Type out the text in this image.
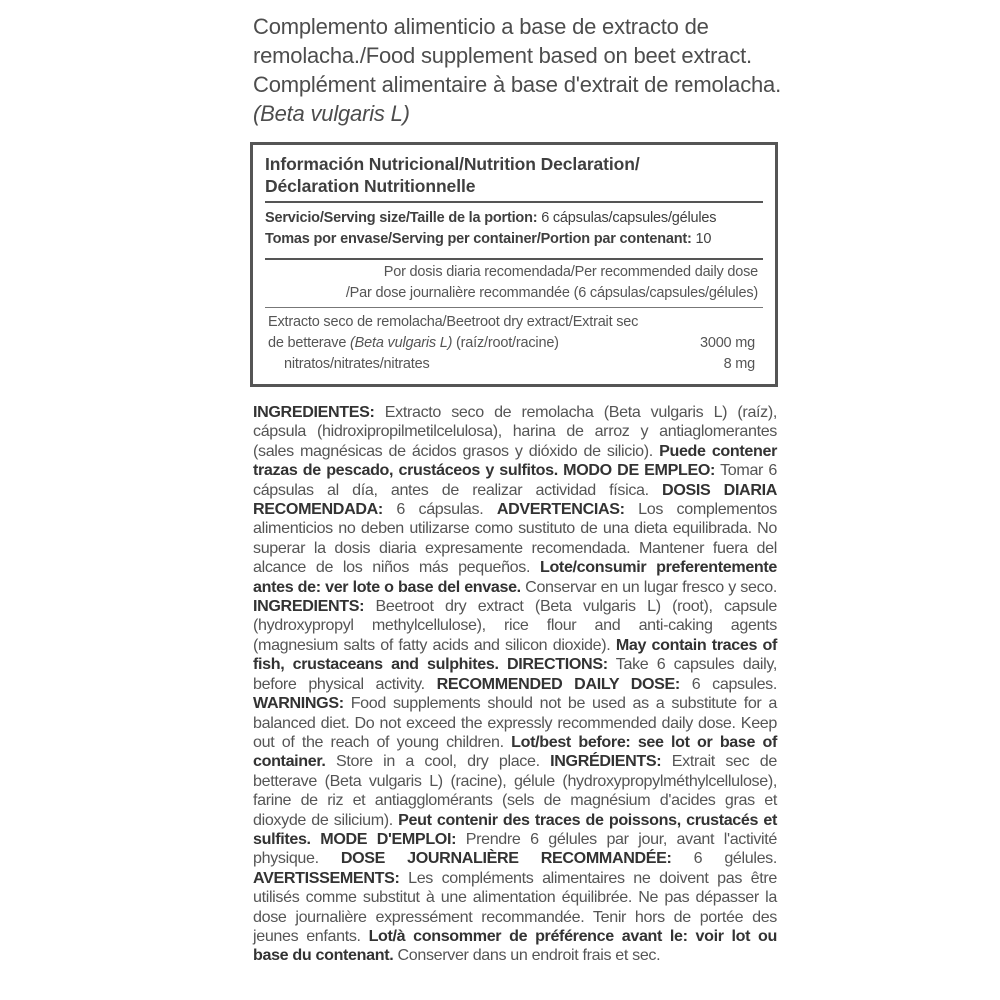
Complemento alimenticio a base de extracto de
remolacha./Food supplement based on beet extract.
Complément alimentaire à base d'extrait de remolacha.
(Beta vulgaris L)
Información Nutricional/Nutrition Declaration/
Déclaration Nutritionnelle
Servicio/Serving size/Taille de la portion: 6 cápsulas/capsules/gélules
Tomas por envase/Serving per container/Portion par contenant: 10
Por dosis diaria recomendada/Per recommended daily dose
/Par dose journalière recommandée (6 cápsulas/capsules/gélules)
Extracto seco de remolacha/Beetroot dry extract/Extrait sec
de betterave (Beta vulgaris L) (raíz/root/racine)	3000 mg
nitratos/nitrates/nitrates	8 mg
INGREDIENTES: Extracto seco de remolacha (Beta vulgaris L) (raíz), cápsula (hidroxipropilmetilcelulosa), harina de arroz y antiaglomerantes (sales magnésicas de ácidos grasos y dióxido de silicio). Puede contener trazas de pescado, crustáceos y sulfitos. MODO DE EMPLEO: Tomar 6 cápsulas al día, antes de realizar actividad física. DOSIS DIARIA RECOMENDADA: 6 cápsulas. ADVERTENCIAS: Los complementos alimenticios no deben utilizarse como sustituto de una dieta equilibrada. No superar la dosis diaria expresamente recomendada. Mantener fuera del alcance de los niños más pequeños. Lote/consumir preferentemente antes de: ver lote o base del envase. Conservar en un lugar fresco y seco. INGREDIENTS: Beetroot dry extract (Beta vulgaris L) (root), capsule (hydroxypropyl methylcellulose), rice flour and anti-caking agents (magnesium salts of fatty acids and silicon dioxide). May contain traces of fish, crustaceans and sulphites. DIRECTIONS: Take 6 capsules daily, before physical activity. RECOMMENDED DAILY DOSE: 6 capsules. WARNINGS: Food supplements should not be used as a substitute for a balanced diet. Do not exceed the expressly recommended daily dose. Keep out of the reach of young children. Lot/best before: see lot or base of container. Store in a cool, dry place. INGRÉDIENTS: Extrait sec de betterave (Beta vulgaris L) (racine), gélule (hydroxypropylméthylcellulose), farine de riz et antiagglomérants (sels de magnésium d'acides gras et dioxyde de silicium). Peut contenir des traces de poissons, crustacés et sulfites. MODE D'EMPLOI: Prendre 6 gélules par jour, avant l'activité physique. DOSE JOURNALIÈRE RECOMMANDÉE: 6 gélules. AVERTISSEMENTS: Les compléments alimentaires ne doivent pas être utilisés comme substitut à une alimentation équilibrée. Ne pas dépasser la dose journalière expressément recommandée. Tenir hors de portée des jeunes enfants. Lot/à consommer de préférence avant le: voir lot ou base du contenant. Conserver dans un endroit frais et sec.
